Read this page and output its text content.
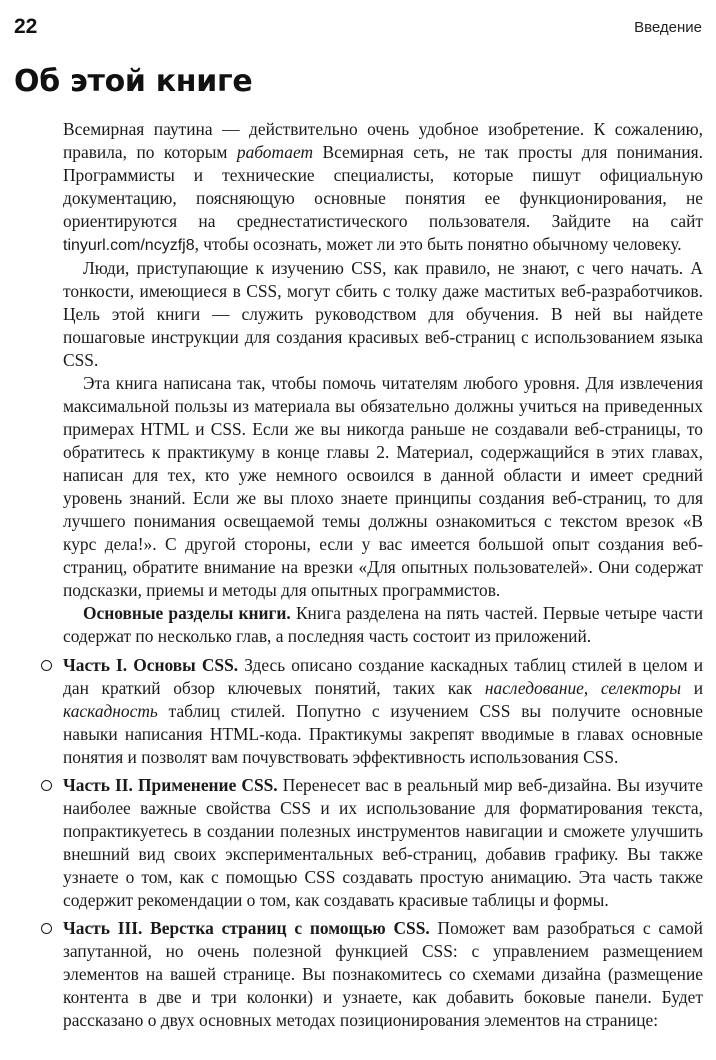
22	Введение
Об этой книге

Всемирная паутина — действительно очень удобное изобретение. К сожалению, правила, по которым работает Всемирная сеть, не так просты для понимания. Программисты и технические специалисты, которые пишут официальную документацию, поясняющую основные понятия ее функционирования, не ориентируются на среднестатистического пользователя. Зайдите на сайт tinyurl.com/ncyzfj8, чтобы осознать, может ли это быть понятно обычному человеку.

Люди, приступающие к изучению CSS, как правило, не знают, с чего начать. А тонкости, имеющиеся в CSS, могут сбить с толку даже маститых веб-разработчиков. Цель этой книги — служить руководством для обучения. В ней вы найдете пошаговые инструкции для создания красивых веб-страниц с использованием языка CSS.

Эта книга написана так, чтобы помочь читателям любого уровня. Для извлечения максимальной пользы из материала вы обязательно должны учиться на приведенных примерах HTML и CSS. Если же вы никогда раньше не создавали веб-страницы, то обратитесь к практикуму в конце главы 2. Материал, содержащийся в этих главах, написан для тех, кто уже немного освоился в данной области и имеет средний уровень знаний. Если же вы плохо знаете принципы создания веб-страниц, то для лучшего понимания освещаемой темы должны ознакомиться с текстом врезок «В курс дела!». С другой стороны, если у вас имеется большой опыт создания веб-страниц, обратите внимание на врезки «Для опытных пользователей». Они содержат подсказки, приемы и методы для опытных программистов.

Основные разделы книги. Книга разделена на пять частей. Первые четыре части содержат по несколько глав, а последняя часть состоит из приложений.

Часть I. Основы CSS. Здесь описано создание каскадных таблиц стилей в целом и дан краткий обзор ключевых понятий, таких как наследование, селекторы и каскадность таблиц стилей. Попутно с изучением CSS вы получите основные навыки написания HTML-кода. Практикумы закрепят вводимые в главах основные понятия и позволят вам почувствовать эффективность использования CSS.
Часть II. Применение CSS. Перенесет вас в реальный мир веб-дизайна. Вы изучите наиболее важные свойства CSS и их использование для форматирования текста, попрактикуетесь в создании полезных инструментов навигации и сможете улучшить внешний вид своих экспериментальных веб-страниц, добавив графику. Вы также узнаете о том, как с помощью CSS создавать простую анимацию. Эта часть также содержит рекомендации о том, как создавать красивые таблицы и формы.
Часть III. Верстка страниц с помощью CSS. Поможет вам разобраться с самой запутанной, но очень полезной функцией CSS: с управлением размещением элементов на вашей странице. Вы познакомитесь со схемами дизайна (размещение контента в две и три колонки) и узнаете, как добавить боковые панели. Будет рассказано о двух основных методах позиционирования элементов на странице:
